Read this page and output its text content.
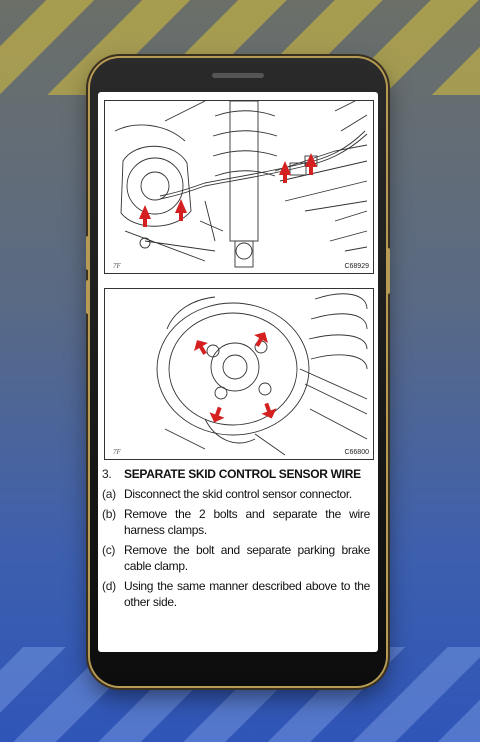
7F	C68929
7F	C66800
3.	SEPARATE SKID CONTROL SENSOR WIRE
(a) Disconnect the skid control sensor connector.
(b) Remove the 2 bolts and separate the wire harness clamps.
(c) Remove the bolt and separate parking brake cable clamp.
(d) Using the same manner described above to the other side.
